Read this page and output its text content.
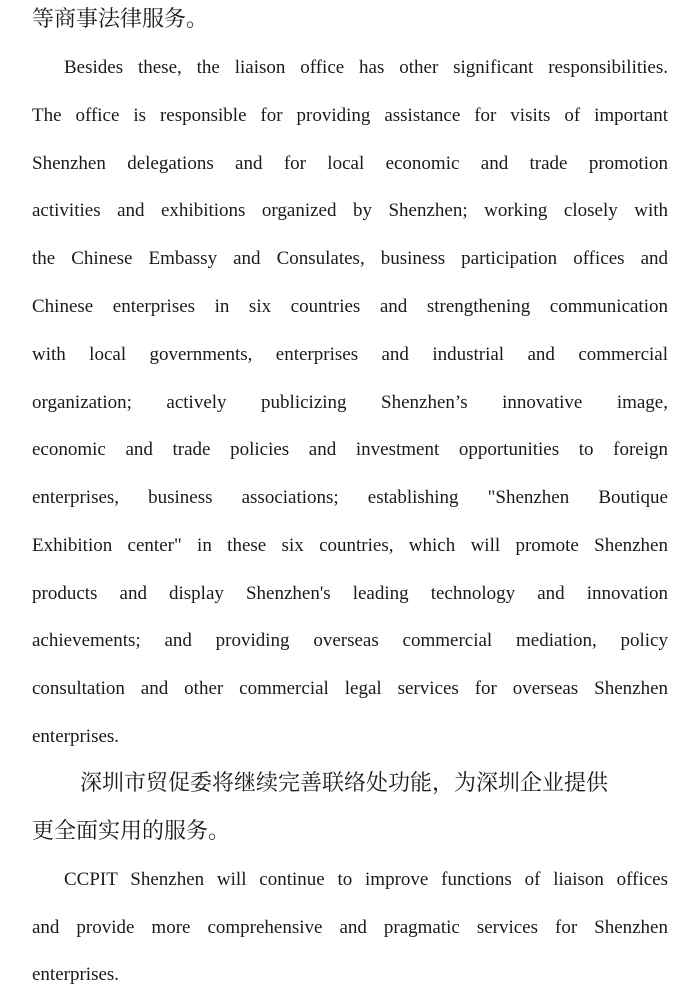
等商事法律服务。
Besides these, the liaison office has other significant responsibilities.
The office is responsible for providing assistance for visits of important
Shenzhen delegations and for local economic and trade promotion
activities and exhibitions organized by Shenzhen; working closely with
the Chinese Embassy and Consulates, business participation offices and
Chinese enterprises in six countries and strengthening communication
with local governments, enterprises and industrial and commercial
organization; actively publicizing Shenzhen’s innovative image,
economic and trade policies and investment opportunities to foreign
enterprises, business associations; establishing "Shenzhen Boutique
Exhibition center" in these six countries, which will promote Shenzhen
products and display Shenzhen's leading technology and innovation
achievements; and providing overseas commercial mediation, policy
consultation and other commercial legal services for overseas Shenzhen
enterprises.
深圳市贸促委将继续完善联络处功能，为深圳企业提供
更全面实用的服务。
CCPIT Shenzhen will continue to improve functions of liaison offices
and provide more comprehensive and pragmatic services for Shenzhen
enterprises.
